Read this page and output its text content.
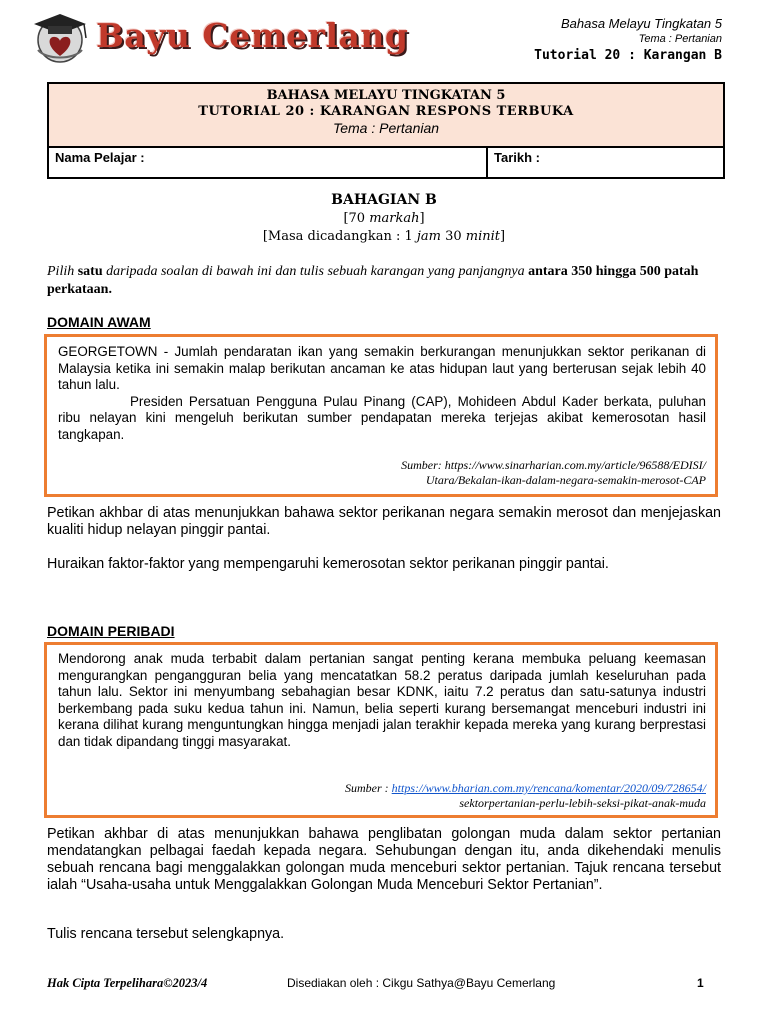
Bayu Cemerlang	Bahasa Melayu Tingkatan 5
Tema : Pertanian
Tutorial 20 : Karangan B
BAHASA MELAYU TINGKATAN 5
TUTORIAL 20 : KARANGAN RESPONS TERBUKA
Tema : Pertanian
Nama Pelajar :	Tarikh :
BAHAGIAN B
[70 markah]
[Masa dicadangkan : 1 jam 30 minit]
Pilih satu daripada soalan di bawah ini dan tulis sebuah karangan yang panjangnya antara 350 hingga 500 patah perkataan.
DOMAIN AWAM
GEORGETOWN - Jumlah pendaratan ikan yang semakin berkurangan menunjukkan sektor perikanan di Malaysia ketika ini semakin malap berikutan ancaman ke atas hidupan laut yang berterusan sejak lebih 40 tahun lalu.
Presiden Persatuan Pengguna Pulau Pinang (CAP), Mohideen Abdul Kader berkata, puluhan ribu nelayan kini mengeluh berikutan sumber pendapatan mereka terjejas akibat kemerosotan hasil tangkapan.
Sumber: https://www.sinarharian.com.my/article/96588/EDISI/
Utara/Bekalan-ikan-dalam-negara-semakin-merosot-CAP
Petikan akhbar di atas menunjukkan bahawa sektor perikanan negara semakin merosot dan menjejaskan kualiti hidup nelayan pinggir pantai.
Huraikan faktor-faktor yang mempengaruhi kemerosotan sektor perikanan pinggir pantai.
DOMAIN PERIBADI
Mendorong anak muda terbabit dalam pertanian sangat penting kerana membuka peluang keemasan mengurangkan pengangguran belia yang mencatatkan 58.2 peratus daripada jumlah keseluruhan pada tahun lalu. Sektor ini menyumbang sebahagian besar KDNK, iaitu 7.2 peratus dan satu-satunya industri berkembang pada suku kedua tahun ini. Namun, belia seperti kurang bersemangat menceburi industri ini kerana dilihat kurang menguntungkan hingga menjadi jalan terakhir kepada mereka yang kurang berprestasi dan tidak dipandang tinggi masyarakat.
Sumber : https://www.bharian.com.my/rencana/komentar/2020/09/728654/
sektorpertanian-perlu-lebih-seksi-pikat-anak-muda
Petikan akhbar di atas menunjukkan bahawa penglibatan golongan muda dalam sektor pertanian mendatangkan pelbagai faedah kepada negara. Sehubungan dengan itu, anda dikehendaki menulis sebuah rencana bagi menggalakkan golongan muda menceburi sektor pertanian. Tajuk rencana tersebut ialah “Usaha-usaha untuk Menggalakkan Golongan Muda Menceburi Sektor Pertanian”.
Tulis rencana tersebut selengkapnya.
Hak Cipta Terpelihara©2023/4	Disediakan oleh : Cikgu Sathya@Bayu Cemerlang	1
